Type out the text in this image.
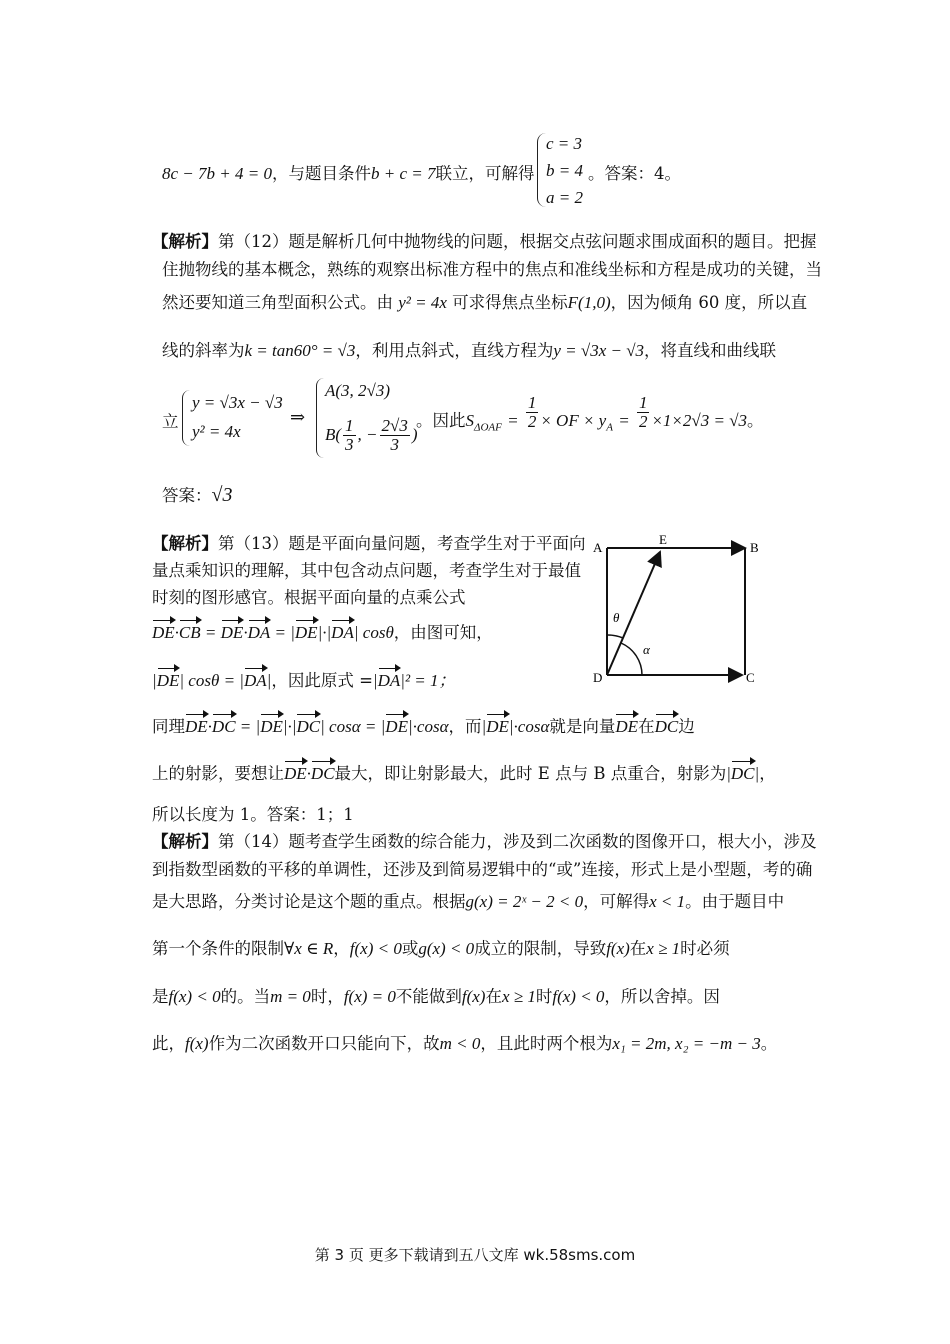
c = 3
b = 4
a = 2
8c − 7b + 4 = 0，与题目条件b + c = 7联立，可解得	。答案：4。
【解析】第（12）题是解析几何中抛物线的问题，根据交点弦问题求围成面积的题目。把握
住抛物线的基本概念，熟练的观察出标准方程中的焦点和准线坐标和方程是成功的关键，当
然还要知道三角型面积公式。由 y² = 4x 可求得焦点坐标F(1,0)，因为倾角 60 度，所以直
线的斜率为k = tan60° = √3，利用点斜式，直线方程为y = √3x − √3，将直线和曲线联
立
y = √3x − √3
y² = 4x
⇒
A(3, 2√3)
$B( \frac{1}{3}$ , − $\frac{2√3}{3}$ )
。因此$S_{\Delta OAF} = \frac{1}{2}$ × OF × $y_A = \frac{1}{2} \times 1\times 2√3 = √3$。
答案：√3
【解析】第（13）题是平面向量问题，考查学生对于平面向
量点乘知识的理解，其中包含动点问题，考查学生对于最值
时刻的图形感官。根据平面向量的点乘公式
DE·CB = DE·DA = |DE|·|DA| cosθ，由图可知，
|DE| cosθ = |DA|，因此原式 =|DA|² = 1；
同理DE·DC = |DE|·|DC| cosα = |DE|·cosα，而|DE|·cosα就是向量DE在DC边
上的射影，要想让DE·DC最大，即让射影最大，此时 E 点与 B 点重合，射影为|DC|，
所以长度为 1。答案：1；1
A
E
B
D	C
θ
α
【解析】第（14）题考查学生函数的综合能力，涉及到二次函数的图像开口，根大小，涉及
到指数型函数的平移的单调性，还涉及到简易逻辑中的“或”连接，形式上是小型题，考的确
是大思路，分类讨论是这个题的重点。根据g(x) = 2ˣ − 2 < 0，可解得x < 1。由于题目中
第一个条件的限制∀x ∈ R，f(x) < 0或g(x) < 0成立的限制，导致f(x)在x ≥ 1时必须
是f(x) < 0的。当m = 0时，f(x) = 0不能做到f(x)在x ≥ 1时f(x) < 0，所以舍掉。因
此，f(x)作为二次函数开口只能向下，故m < 0，且此时两个根为x₁ = 2m, x₂ = −m − 3。
第 3 页 更多下载请到五八文库 wk.58sms.com
